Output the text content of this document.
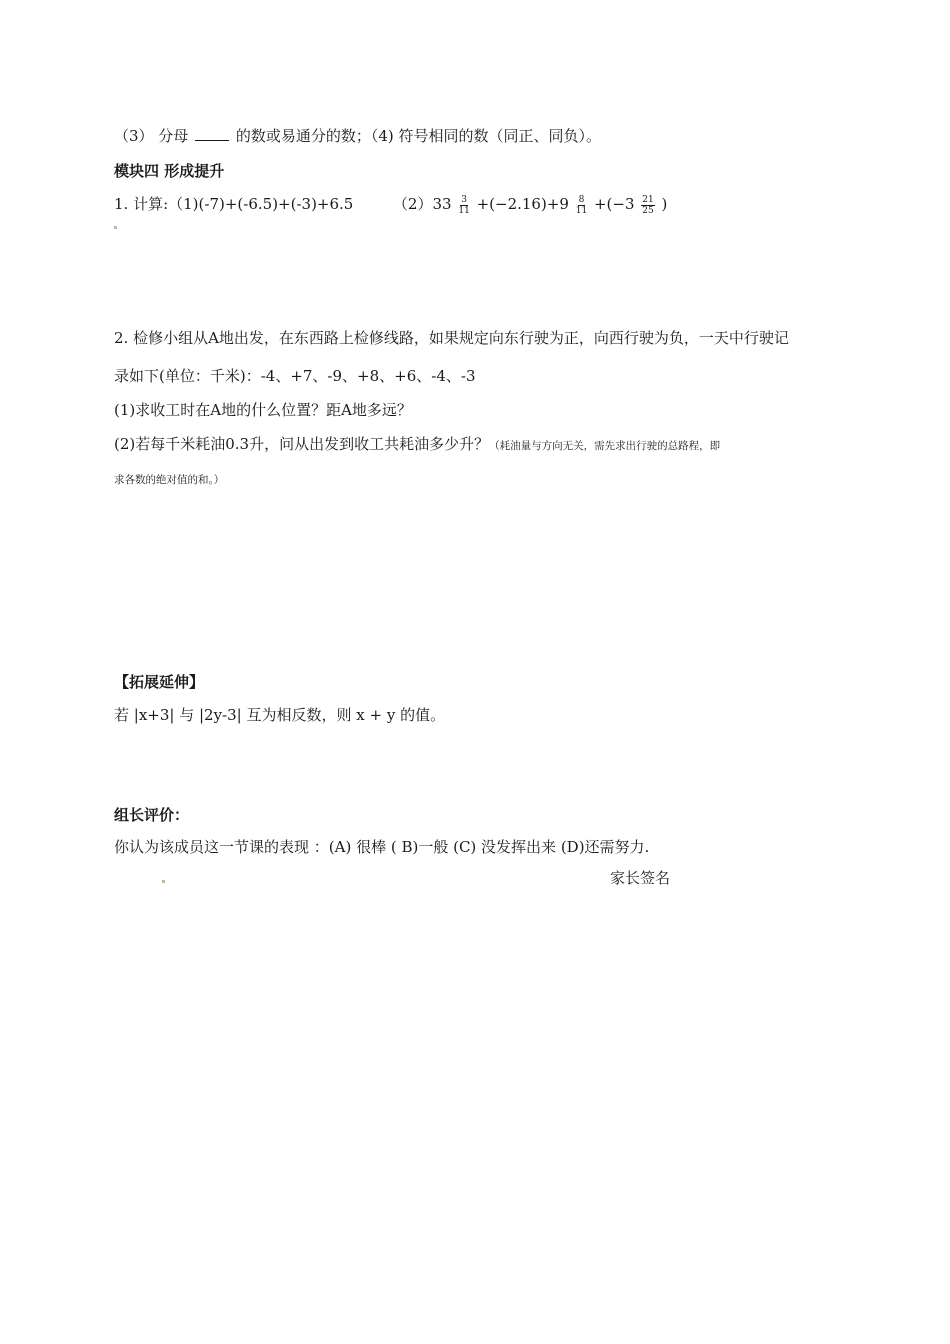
（3） 分母	的数或易通分的数；（4) 符号相同的数（同正、同负）。
模块四 形成提升
1. 计算:（1)(-7)+(-6.5)+(-3)+6.5	$(2)33 \frac{3}{11} +(-2.16)+9 \frac{8}{11} +(-3 \frac{21}{25}$ )
2. 检修小组从A地出发，在东西路上检修线路，如果规定向东行驶为正，向西行驶为负，一天中行驶记
录如下(单位：千米)：-4、+7、-9、+8、+6、-4、-3
(1)求收工时在A地的什么位置？距A地多远？
(2)若每千米耗油0.3升，问从出发到收工共耗油多少升？（耗油量与方向无关，需先求出行驶的总路程，即
求各数的绝对值的和。）
【拓展延伸】
若 |x+3| 与 |2y-3| 互为相反数，则 x + y 的值。
组长评价：
你认为该成员这一节课的表现 ：(A) 很棒 ( B)一般 (C) 没发挥出来 (D)还需努力.
家长签名
